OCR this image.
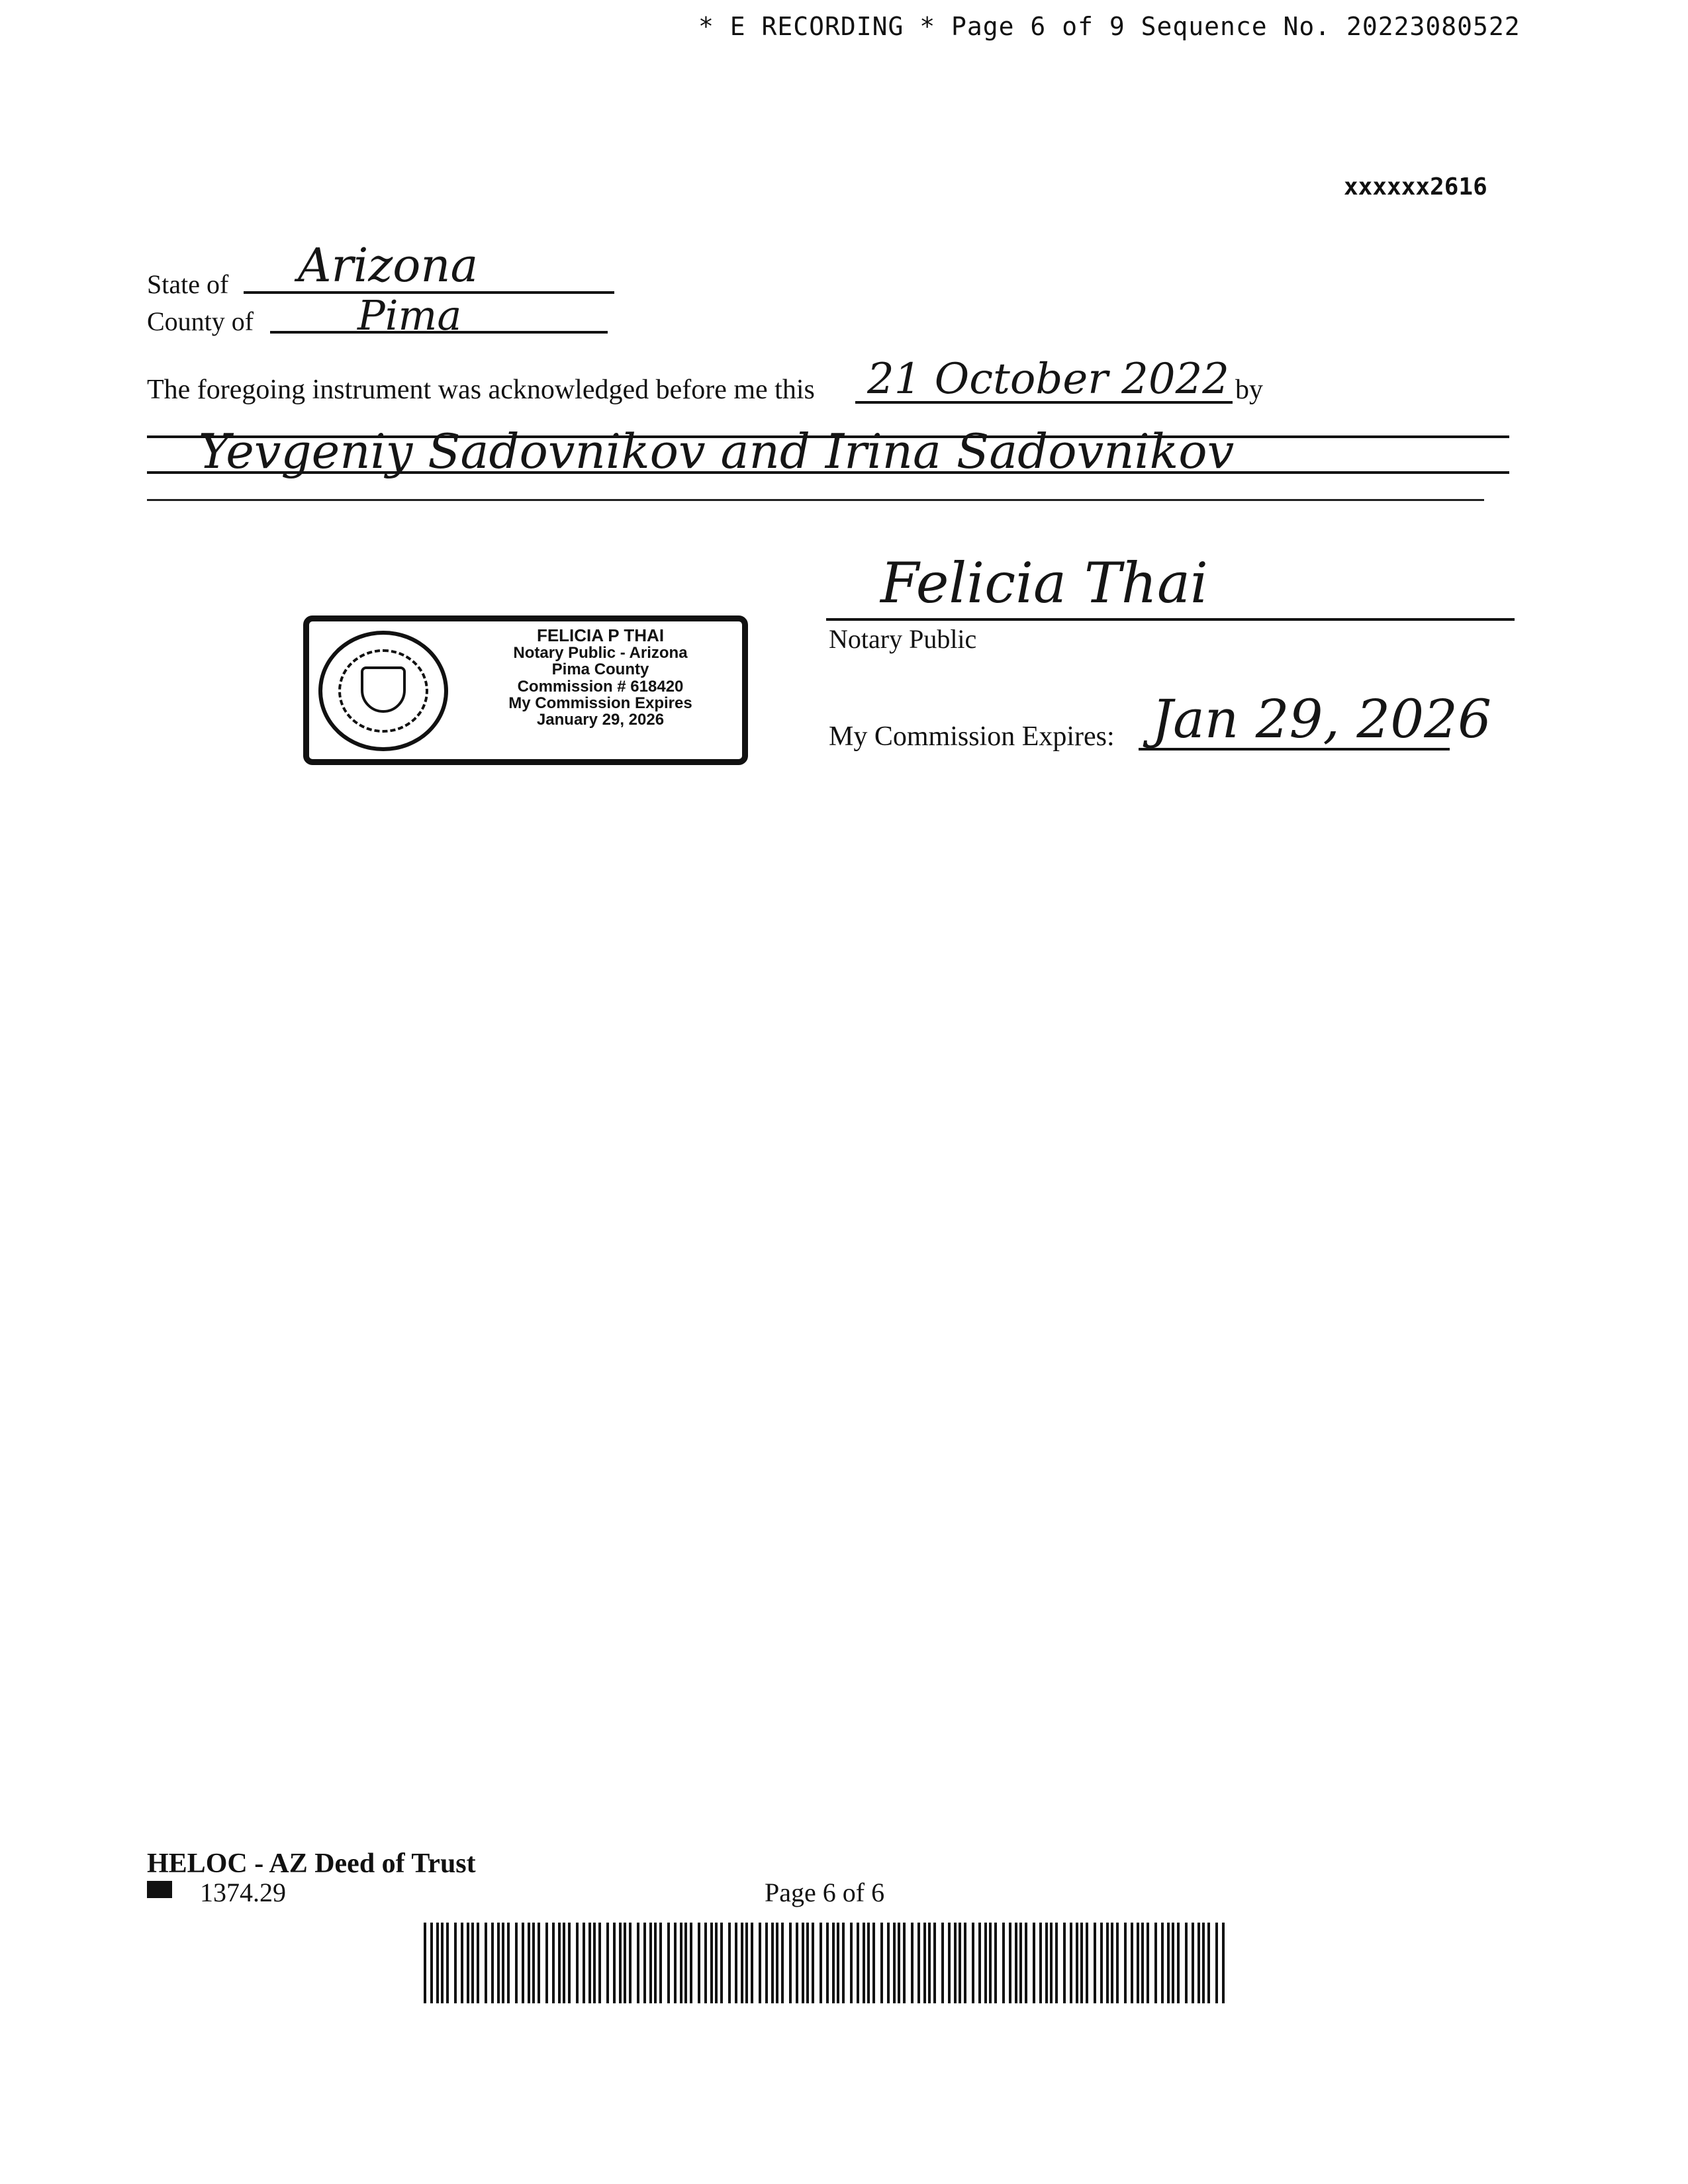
* E RECORDING * Page 6 of 9 Sequence No. 20223080522
xxxxxx2616
State of Arizona
County of	Pima
The foregoing instrument was acknowledged before me this 21 October 2022 by
Yevgeniy Sadovnikov and Irina Sadovnikov
Felicia Thai
Notary Public
My Commission Expires: Jan 29, 2026
FELICIA P THAI
Notary Public - Arizona
Pima County
Commission # 618420
My Commission Expires
January 29, 2026
HELOC - AZ Deed of Trust
1374.29	Page 6 of 6
